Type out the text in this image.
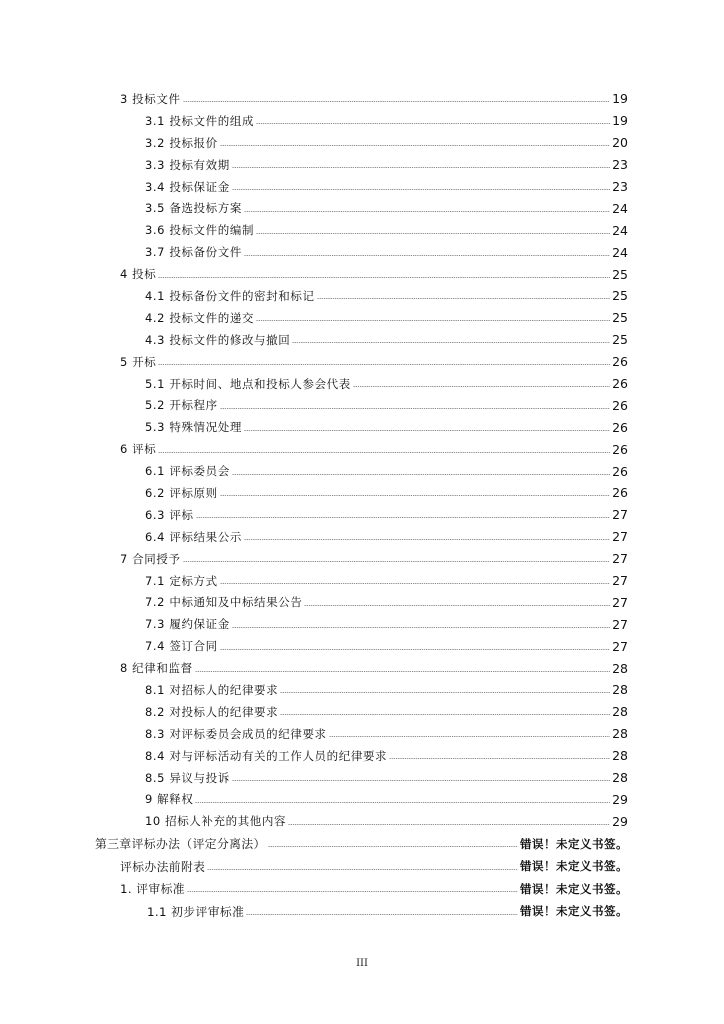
3 投标文件	19
3.1 投标文件的组成	19
3.2 投标报价	20
3.3 投标有效期	23
3.4 投标保证金	23
3.5 备选投标方案	24
3.6 投标文件的编制	24
3.7 投标备份文件	24
4 投标	25
4.1 投标备份文件的密封和标记	25
4.2 投标文件的递交	25
4.3 投标文件的修改与撤回	25
5 开标	26
5.1 开标时间、地点和投标人参会代表	26
5.2 开标程序	26
5.3 特殊情况处理	26
6 评标	26
6.1 评标委员会	26
6.2 评标原则	26
6.3 评标	27
6.4 评标结果公示	27
7 合同授予	27
7.1 定标方式	27
7.2 中标通知及中标结果公告	27
7.3 履约保证金	27
7.4 签订合同	27
8 纪律和监督	28
8.1 对招标人的纪律要求	28
8.2 对投标人的纪律要求	28
8.3 对评标委员会成员的纪律要求	28
8.4 对与评标活动有关的工作人员的纪律要求	28
8.5 异议与投诉	28
9 解释权	29
10 招标人补充的其他内容	29
第三章评标办法（评定分离法）	错误！未定义书签。
评标办法前附表	错误！未定义书签。
1. 评审标准	错误！未定义书签。
1.1 初步评审标准	错误！未定义书签。
III
